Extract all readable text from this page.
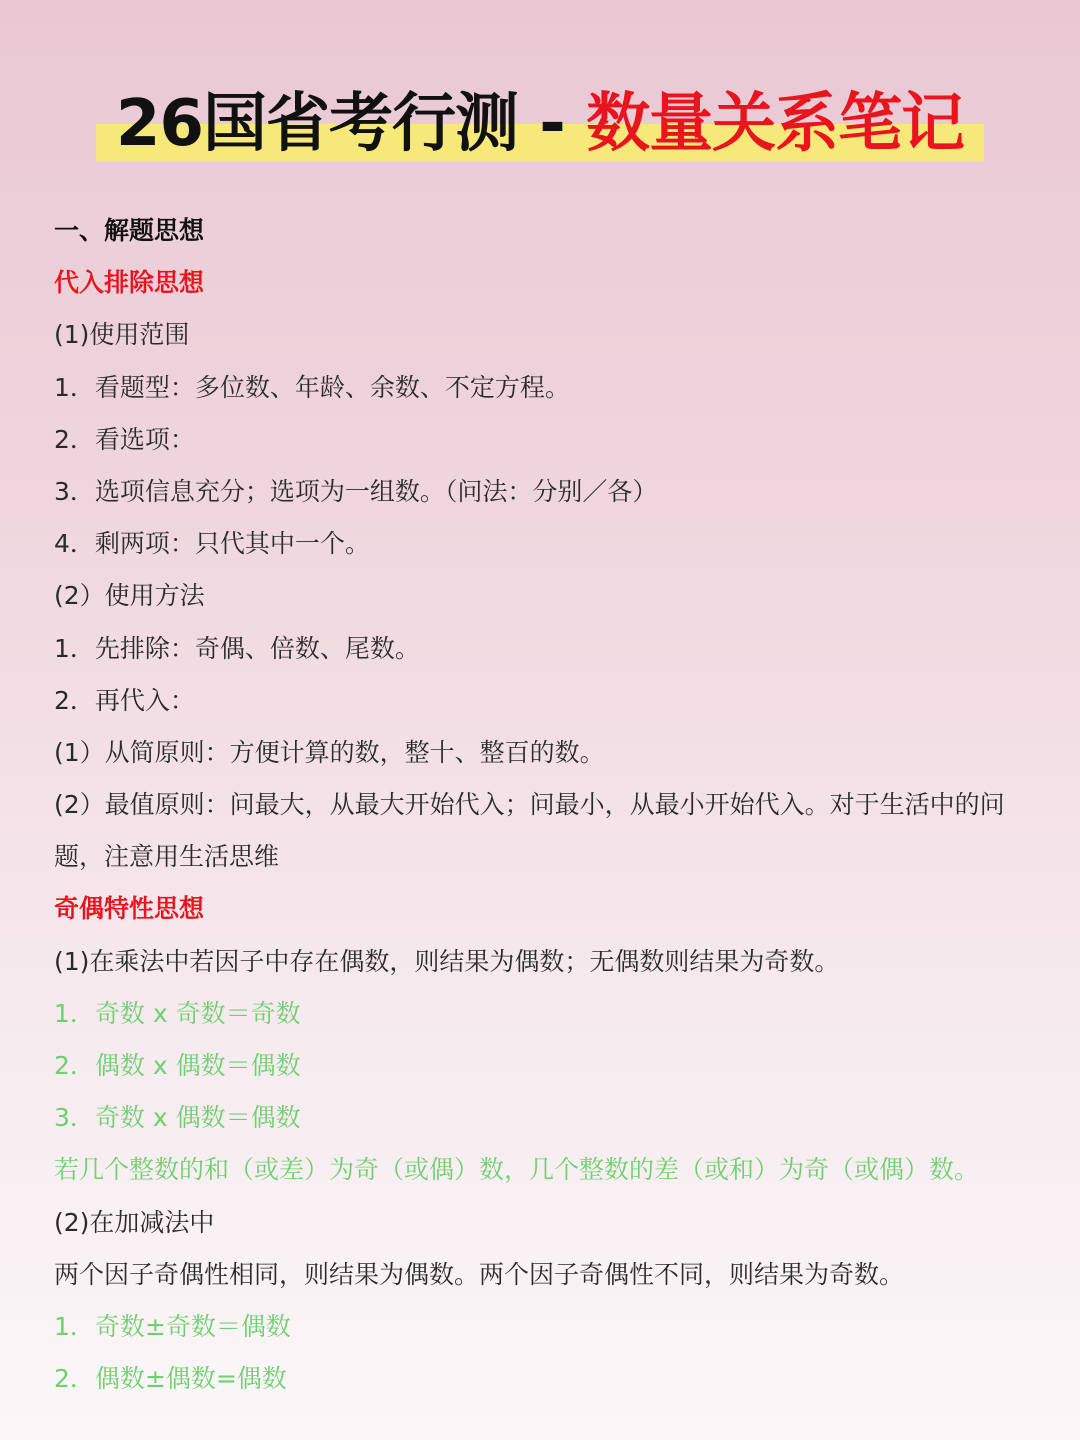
26国省考行测 - 数量关系笔记
一、解题思想
代入排除思想
(1)使用范围
1．看题型：多位数、年龄、余数、不定方程。
2．看选项：
3．选项信息充分；选项为一组数。（问法：分别／各）
4．剩两项：只代其中一个。
(2）使用方法
1．先排除：奇偶、倍数、尾数。
2．再代入：
(1）从简原则：方便计算的数，整十、整百的数。
(2）最值原则：问最大，从最大开始代入；问最小，从最小开始代入。对于生活中的问题，注意用生活思维
奇偶特性思想
(1)在乘法中若因子中存在偶数，则结果为偶数；无偶数则结果为奇数。
1．奇数 x 奇数＝奇数
2．偶数 x 偶数＝偶数
3．奇数 x 偶数＝偶数
若几个整数的和（或差）为奇（或偶）数，几个整数的差（或和）为奇（或偶）数。
(2)在加减法中
两个因子奇偶性相同，则结果为偶数。两个因子奇偶性不同，则结果为奇数。
1．奇数±奇数＝偶数
2．偶数±偶数=偶数
